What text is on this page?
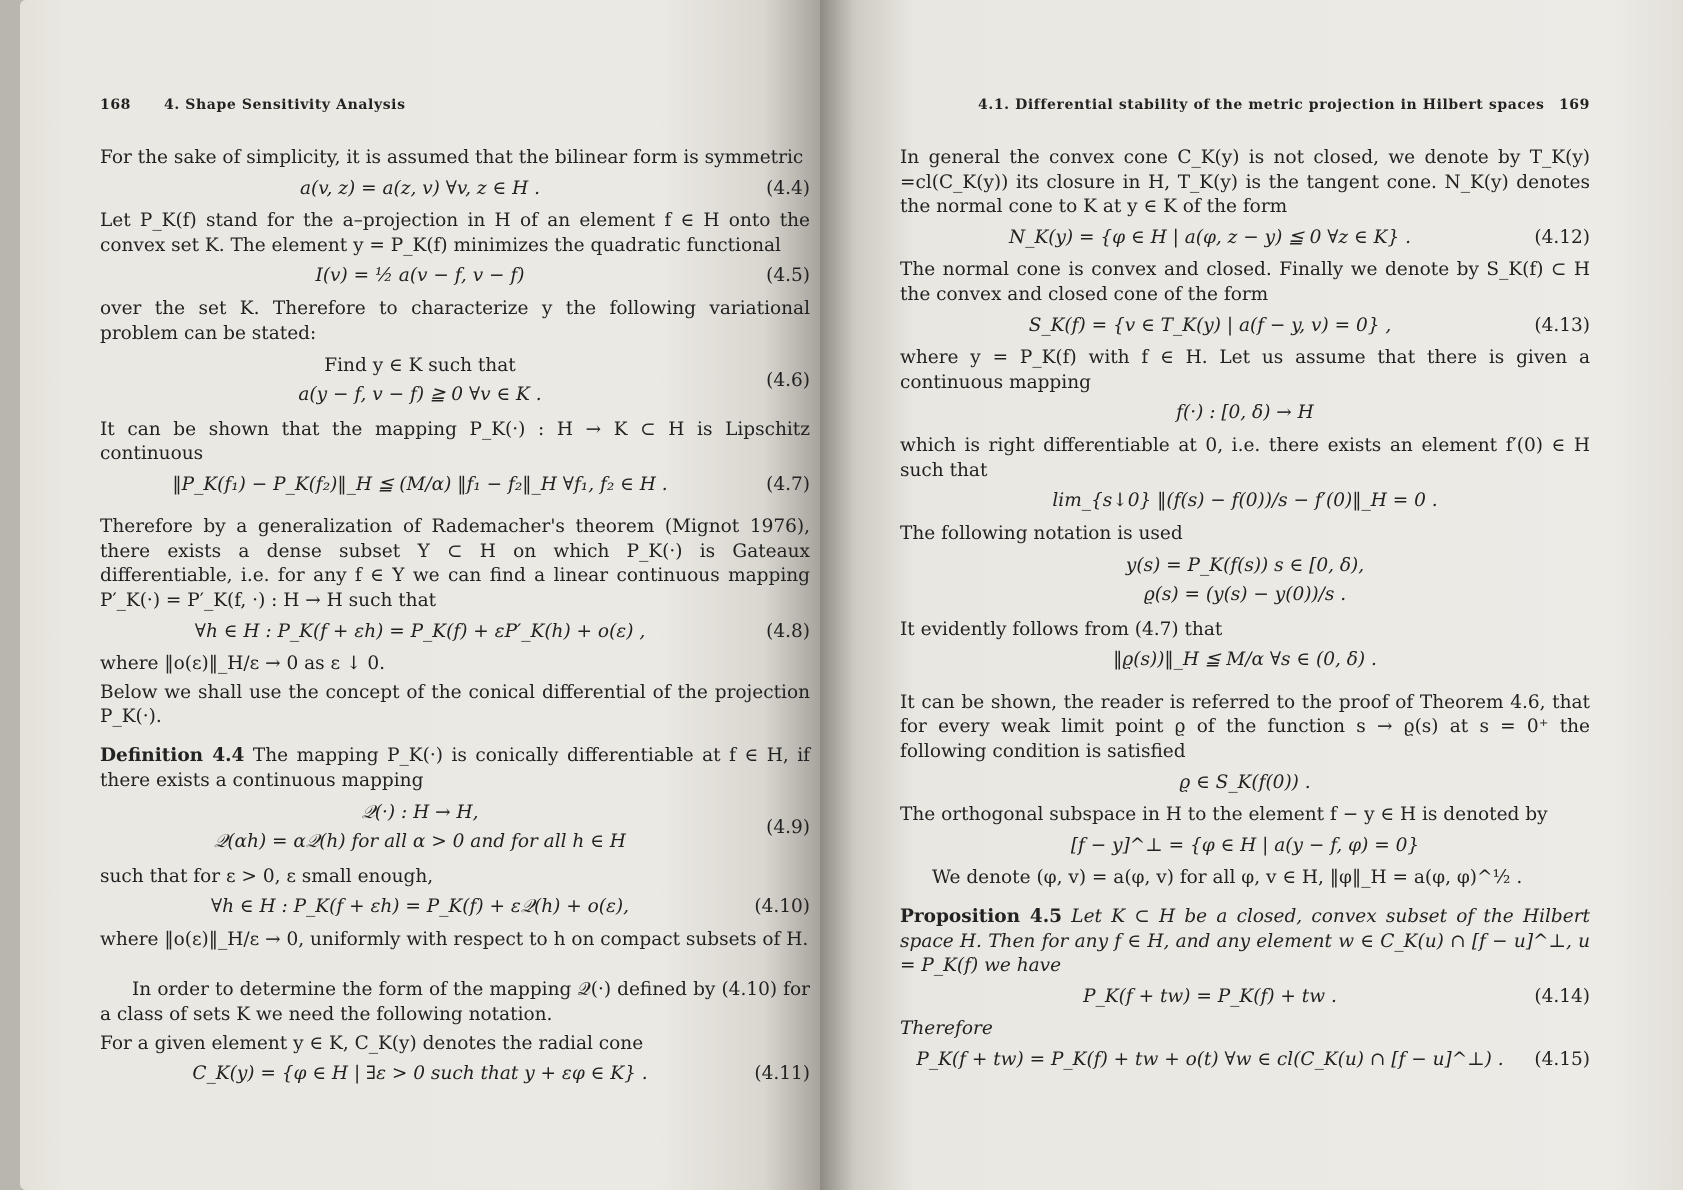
168 4. Shape Sensitivity Analysis

For the sake of simplicity, it is assumed that the bilinear form is symmetric

a(v, z) = a(z, v) ∀v, z ∈ H .	(4.4)

Let P_K(f) stand for the a–projection in H of an element f ∈ H onto the convex set K. The element y = P_K(f) minimizes the quadratic functional

I(v) = ½ a(v − f, v − f)	(4.5)

over the set K. Therefore to characterize y the following variational problem can be stated:

Find y ∈ K such that
a(y − f, v − f) ≧ 0 ∀v ∈ K .
(4.6)

It can be shown that the mapping P_K(·) : H → K ⊂ H is Lipschitz continuous

‖P_K(f₁) − P_K(f₂)‖_H ≦ (M/α) ‖f₁ − f₂‖_H ∀f₁, f₂ ∈ H .	(4.7)

Therefore by a generalization of Rademacher's theorem (Mignot 1976), there exists a dense subset Υ ⊂ H on which P_K(·) is Gateaux differentiable, i.e. for any f ∈ Υ we can find a linear continuous mapping P′_K(·) = P′_K(f, ·) : H → H such that

∀h ∈ H : P_K(f + εh) = P_K(f) + εP′_K(h) + o(ε) ,	(4.8)

where ‖o(ε)‖_H/ε → 0 as ε ↓ 0.

Below we shall use the concept of the conical differential of the projection P_K(·).

Definition 4.4 The mapping P_K(·) is conically differentiable at f ∈ H, if there exists a continuous mapping

𝒬(·) : H → H,
𝒬(αh) = α𝒬(h) for all α > 0 and for all h ∈ H
(4.9)

such that for ε > 0, ε small enough,

∀h ∈ H : P_K(f + εh) = P_K(f) + ε𝒬(h) + o(ε),	(4.10)

where ‖o(ε)‖_H/ε → 0, uniformly with respect to h on compact subsets of H.

In order to determine the form of the mapping 𝒬(·) defined by (4.10) for a class of sets K we need the following notation.

For a given element y ∈ K, C_K(y) denotes the radial cone

C_K(y) = {φ ∈ H | ∃ε > 0 such that y + εφ ∈ K} .	(4.11)
4.1. Differential stability of the metric projection in Hilbert spaces 169

In general the convex cone C_K(y) is not closed, we denote by T_K(y) =cl(C_K(y)) its closure in H, T_K(y) is the tangent cone. N_K(y) denotes the normal cone to K at y ∈ K of the form

N_K(y) = {φ ∈ H | a(φ, z − y) ≦ 0 ∀z ∈ K} .	(4.12)

The normal cone is convex and closed. Finally we denote by S_K(f) ⊂ H the convex and closed cone of the form

S_K(f) = {v ∈ T_K(y) | a(f − y, v) = 0} ,	(4.13)

where y = P_K(f) with f ∈ H. Let us assume that there is given a continuous mapping

f(·) : [0, δ) → H

which is right differentiable at 0, i.e. there exists an element f′(0) ∈ H such that

lim_{s↓0} ‖(f(s) − f(0))/s − f′(0)‖_H = 0 .

The following notation is used

y(s) = P_K(f(s)) s ∈ [0, δ),
ϱ(s) = (y(s) − y(0))/s .

It evidently follows from (4.7) that

‖ϱ(s))‖_H ≦ M/α ∀s ∈ (0, δ) .

It can be shown, the reader is referred to the proof of Theorem 4.6, that for every weak limit point ϱ of the function s → ϱ(s) at s = 0⁺ the following condition is satisfied

ϱ ∈ S_K(f(0)) .

The orthogonal subspace in H to the element f − y ∈ H is denoted by

[f − y]^⊥ = {φ ∈ H | a(y − f, φ) = 0}

We denote (φ, v) = a(φ, v) for all φ, v ∈ H, ‖φ‖_H = a(φ, φ)^½ .

Proposition 4.5 Let K ⊂ H be a closed, convex subset of the Hilbert space H. Then for any f ∈ H, and any element w ∈ C_K(u) ∩ [f − u]^⊥, u = P_K(f) we have

P_K(f + tw) = P_K(f) + tw .	(4.14)

Therefore

P_K(f + tw) = P_K(f) + tw + o(t) ∀w ∈ cl(C_K(u) ∩ [f − u]^⊥) .	(4.15)
